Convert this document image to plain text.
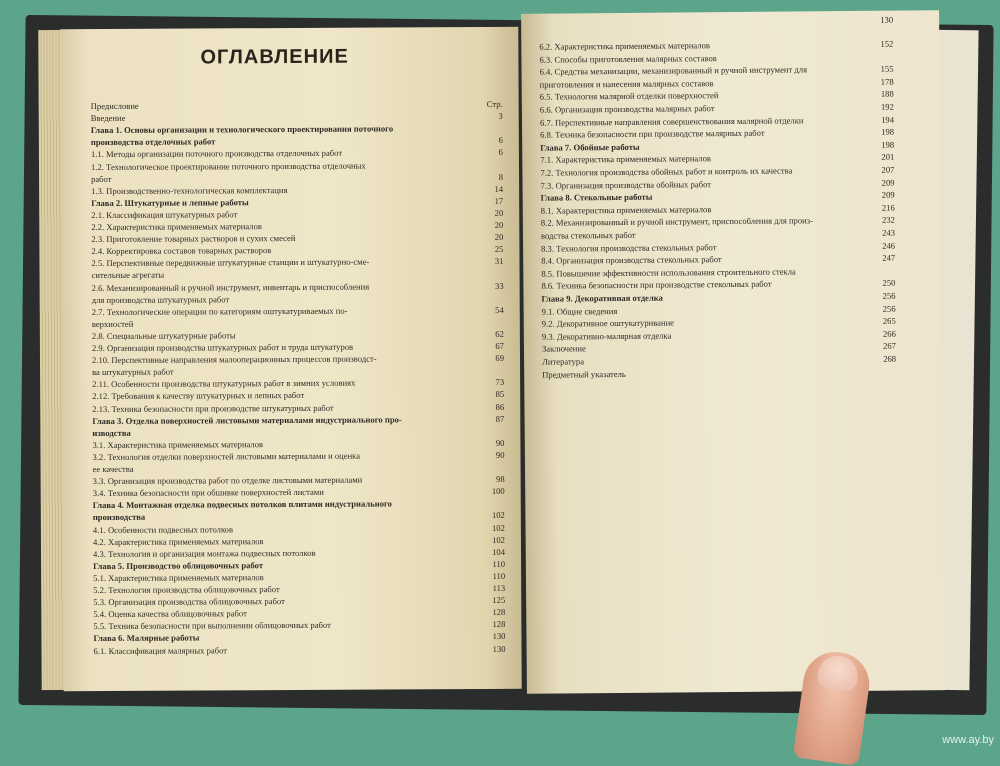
ОГЛАВЛЕНИЕ
Предисловие	Стр.
Введение	3
Глава 1. Основы организации и технологического проектирования поточного
производства отделочных работ	6
1.1. Методы организации поточного производства отделочных работ	6
1.2. Технологическое проектирование поточного производства отделочных
работ	8
1.3. Производственно-технологическая комплектация	14
Глава 2. Штукатурные и лепные работы	17
2.1. Классификация штукатурных работ	20
2.2. Характеристика применяемых материалов	20
2.3. Приготовление товарных растворов и сухих смесей	20
2.4. Корректировка составов товарных растворов	25
2.5. Перспективные передвижные штукатурные станции и штукатурно-сме-	31
сительные агрегаты
2.6. Механизированный и ручной инструмент, инвентарь и приспособления	33
для производства штукатурных работ
2.7. Технологические операции по категориям оштукатуриваемых по-	54
верхностей
2.8. Специальные штукатурные работы	62
2.9. Организация производства штукатурных работ и труда штукатуров	67
2.10. Перспективные направления малооперационных процессов производст-	69
ва штукатурных работ
2.11. Особенности производства штукатурных работ в зимних условиях	73
2.12. Требования к качеству штукатурных и лепных работ	85
2.13. Техника безопасности при производстве штукатурных работ	86
Глава 3. Отделка поверхностей листовыми материалами индустриального про-	87
изводства
3.1. Характеристика применяемых материалов	90
3.2. Технология отделки поверхностей листовыми материалами и оценка	90
ее качества
3.3. Организация производства работ по отделке листовыми материалами	98
3.4. Техника безопасности при обшивке поверхностей листами	100
Глава 4. Монтажная отделка подвесных потолков плитами индустриального
производства	102
4.1. Особенности подвесных потолков	102
4.2. Характеристика применяемых материалов	102
4.3. Технология и организация монтажа подвесных потолков	104
Глава 5. Производство облицовочных работ	110
5.1. Характеристика применяемых материалов	110
5.2. Технология производства облицовочных работ	113
5.3. Организация производства облицовочных работ	125
5.4. Оценка качества облицовочных работ	128
5.5. Техника безопасности при выполнении облицовочных работ	128
Глава 6. Малярные работы	130
6.1. Классификация малярных работ	130
130
6.2. Характеристика применяемых материалов	152
6.3. Способы приготовления малярных составов
6.4. Средства механизации, механизированный и ручной инструмент для	155
приготовления и нанесения малярных составов	178
6.5. Технология малярной отделки поверхностей	188
6.6. Организация производства малярных работ	192
6.7. Перспективные направления совершенствования малярной отделки	194
6.8. Техника безопасности при производстве малярных работ	198
Глава 7. Обойные работы	198
7.1. Характеристика применяемых материалов	201
7.2. Технология производства обойных работ и контроль их качества	207
7.3. Организация производства обойных работ	209
Глава 8. Стекольные работы	209
8.1. Характеристика применяемых материалов	216
8.2. Механизированный и ручной инструмент, приспособления для произ-	232
водства стекольных работ	243
8.3. Технология производства стекольных работ	246
8.4. Организация производства стекольных работ	247
8.5. Повышение эффективности использования строительного стекла
8.6. Техника безопасности при производстве стекольных работ	250
Глава 9. Декоративная отделка	256
9.1. Общие сведения	256
9.2. Декоративное оштукатуривание	265
9.3. Декоративно-малярная отделка	266
Заключение	267
Литература	268
Предметный указатель
www.ay.by
